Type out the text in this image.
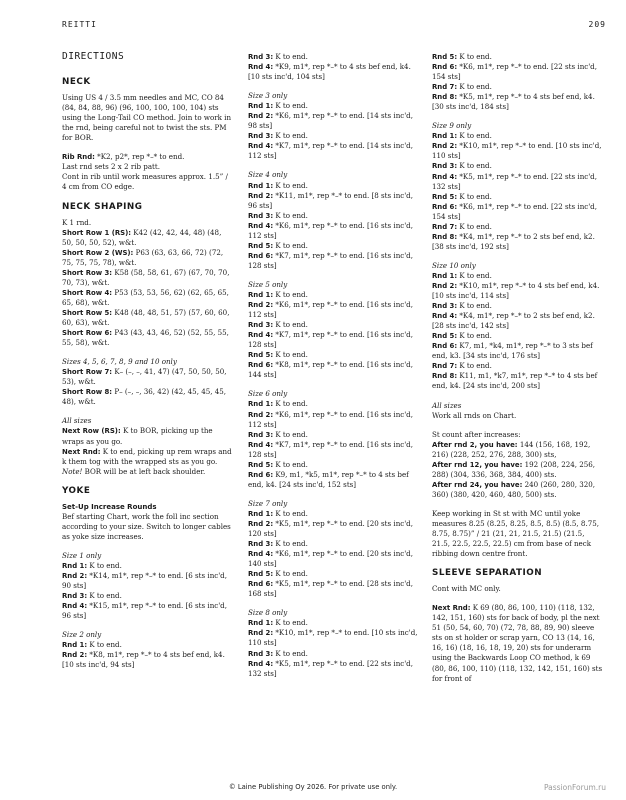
REITTI	209
DIRECTIONS
NECK

Using US 4 / 3.5 mm needles and MC, CO 84 (84, 84, 88, 96) (96, 100, 100, 100, 104) sts using the Long-Tail CO method. Join to work in the rnd, being careful not to twist the sts. PM for BOR.

Rib Rnd: *K2, p2*, rep *–* to end.
Last rnd sets 2 x 2 rib patt.
Cont in rib until work measures approx. 1.5” / 4 cm from CO edge.

NECK SHAPING

K 1 rnd.
Short Row 1 (RS): K42 (42, 42, 44, 48) (48, 50, 50, 50, 52), w&t.
Short Row 2 (WS): P63 (63, 63, 66, 72) (72, 75, 75, 75, 78), w&t.
Short Row 3: K58 (58, 58, 61, 67) (67, 70, 70, 70, 73), w&t.
Short Row 4: P53 (53, 53, 56, 62) (62, 65, 65, 65, 68), w&t.
Short Row 5: K48 (48, 48, 51, 57) (57, 60, 60, 60, 63), w&t.
Short Row 6: P43 (43, 43, 46, 52) (52, 55, 55, 55, 58), w&t.

Sizes 4, 5, 6, 7, 8, 9 and 10 only
Short Row 7: K– (–, –, 41, 47) (47, 50, 50, 50, 53), w&t.
Short Row 8: P– (–, –, 36, 42) (42, 45, 45, 45, 48), w&t.

All sizes
Next Row (RS): K to BOR, picking up the wraps as you go.
Next Rnd: K to end, picking up rem wraps and k them tog with the wrapped sts as you go.
Note! BOR will be at left back shoulder.

YOKE
Set-Up Increase Rounds

Bef starting Chart, work the foll inc section according to your size. Switch to longer cables as yoke size increases.

Size 1 only
Rnd 1: K to end.
Rnd 2: *K14, m1*, rep *–* to end. [6 sts inc'd, 90 sts]
Rnd 3: K to end.
Rnd 4: *K15, m1*, rep *–* to end. [6 sts inc'd, 96 sts]

Size 2 only
Rnd 1: K to end.
Rnd 2: *K8, m1*, rep *–* to 4 sts bef end, k4. [10 sts inc'd, 94 sts]

Rnd 3: K to end.
Rnd 4: *K9, m1*, rep *–* to 4 sts bef end, k4. [10 sts inc'd, 104 sts]

Size 3 only
Rnd 1: K to end.
Rnd 2: *K6, m1*, rep *–* to end. [14 sts inc'd, 98 sts]
Rnd 3: K to end.
Rnd 4: *K7, m1*, rep *–* to end. [14 sts inc'd, 112 sts]

Size 4 only
Rnd 1: K to end.
Rnd 2: *K11, m1*, rep *–* to end. [8 sts inc'd, 96 sts]
Rnd 3: K to end.
Rnd 4: *K6, m1*, rep *–* to end. [16 sts inc'd, 112 sts]
Rnd 5: K to end.
Rnd 6: *K7, m1*, rep *–* to end. [16 sts inc'd, 128 sts]

Size 5 only
Rnd 1: K to end.
Rnd 2: *K6, m1*, rep *–* to end. [16 sts inc'd, 112 sts]
Rnd 3: K to end.
Rnd 4: *K7, m1*, rep *–* to end. [16 sts inc'd, 128 sts]
Rnd 5: K to end.
Rnd 6: *K8, m1*, rep *–* to end. [16 sts inc'd, 144 sts]

Size 6 only
Rnd 1: K to end.
Rnd 2: *K6, m1*, rep *–* to end. [16 sts inc'd, 112 sts]
Rnd 3: K to end.
Rnd 4: *K7, m1*, rep *–* to end. [16 sts inc'd, 128 sts]
Rnd 5: K to end.
Rnd 6: K9, m1, *k5, m1*, rep *–* to 4 sts bef end, k4. [24 sts inc'd, 152 sts]

Size 7 only
Rnd 1: K to end.
Rnd 2: *K5, m1*, rep *–* to end. [20 sts inc'd, 120 sts]
Rnd 3: K to end.
Rnd 4: *K6, m1*, rep *–* to end. [20 sts inc'd, 140 sts]
Rnd 5: K to end.
Rnd 6: *K5, m1*, rep *–* to end. [28 sts inc'd, 168 sts]

Size 8 only
Rnd 1: K to end.
Rnd 2: *K10, m1*, rep *–* to end. [10 sts inc'd, 110 sts]
Rnd 3: K to end.
Rnd 4: *K5, m1*, rep *–* to end. [22 sts inc'd, 132 sts]

Rnd 5: K to end.
Rnd 6: *K6, m1*, rep *–* to end. [22 sts inc'd, 154 sts]
Rnd 7: K to end.
Rnd 8: *K5, m1*, rep *–* to 4 sts bef end, k4. [30 sts inc'd, 184 sts]

Size 9 only
Rnd 1: K to end.
Rnd 2: *K10, m1*, rep *–* to end. [10 sts inc'd, 110 sts]
Rnd 3: K to end.
Rnd 4: *K5, m1*, rep *–* to end. [22 sts inc'd, 132 sts]
Rnd 5: K to end.
Rnd 6: *K6, m1*, rep *–* to end. [22 sts inc'd, 154 sts]
Rnd 7: K to end.
Rnd 8: *K4, m1*, rep *–* to 2 sts bef end, k2. [38 sts inc'd, 192 sts]

Size 10 only
Rnd 1: K to end.
Rnd 2: *K10, m1*, rep *–* to 4 sts bef end, k4. [10 sts inc'd, 114 sts]
Rnd 3: K to end.
Rnd 4: *K4, m1*, rep *–* to 2 sts bef end, k2. [28 sts inc'd, 142 sts]
Rnd 5: K to end.
Rnd 6: K7, m1, *k4, m1*, rep *–* to 3 sts bef end, k3. [34 sts inc'd, 176 sts]
Rnd 7: K to end.
Rnd 8: K11, m1, *k7, m1*, rep *–* to 4 sts bef end, k4. [24 sts inc'd, 200 sts]

All sizes
Work all rnds on Chart.

St count after increases:
After rnd 2, you have: 144 (156, 168, 192, 216) (228, 252, 276, 288, 300) sts,
After rnd 12, you have: 192 (208, 224, 256, 288) (304, 336, 368, 384, 400) sts.
After rnd 24, you have: 240 (260, 280, 320, 360) (380, 420, 460, 480, 500) sts.

Keep working in St st with MC until yoke measures 8.25 (8.25, 8.25, 8.5, 8.5) (8.5, 8.75, 8.75, 8.75)” / 21 (21, 21, 21.5, 21.5) (21.5, 21.5, 22.5, 22.5, 22.5) cm from base of neck ribbing down centre front.

SLEEVE SEPARATION

Cont with MC only.

Next Rnd: K 69 (80, 86, 100, 110) (118, 132, 142, 151, 160) sts for back of body, pl the next 51 (50, 54, 60, 70) (72, 78, 88, 89, 90) sleeve sts on st holder or scrap yarn, CO 13 (14, 16, 16, 16) (18, 16, 18, 19, 20) sts for underarm using the Backwards Loop CO method, k 69 (80, 86, 100, 110) (118, 132, 142, 151, 160) sts for front of

© Laine Publishing Oy 2026. For private use only.	PassionForum.ru
